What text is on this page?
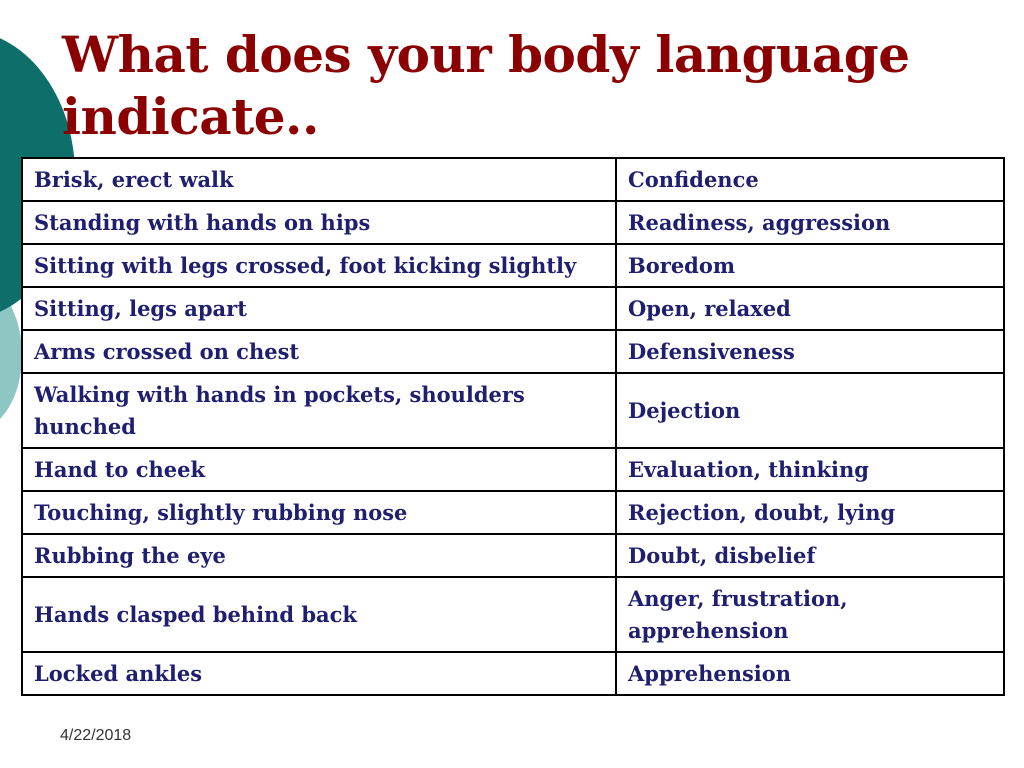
What does your body language indicate..
Brisk, erect walk	Confidence
Standing with hands on hips	Readiness, aggression
Sitting with legs crossed, foot kicking slightly	Boredom
Sitting, legs apart	Open, relaxed
Arms crossed on chest	Defensiveness
Walking with hands in pockets, shoulders hunched	Dejection
Hand to cheek	Evaluation, thinking
Touching, slightly rubbing nose	Rejection, doubt, lying
Rubbing the eye	Doubt, disbelief
Hands clasped behind back	Anger, frustration, apprehension
Locked ankles	Apprehension
4/22/2018
